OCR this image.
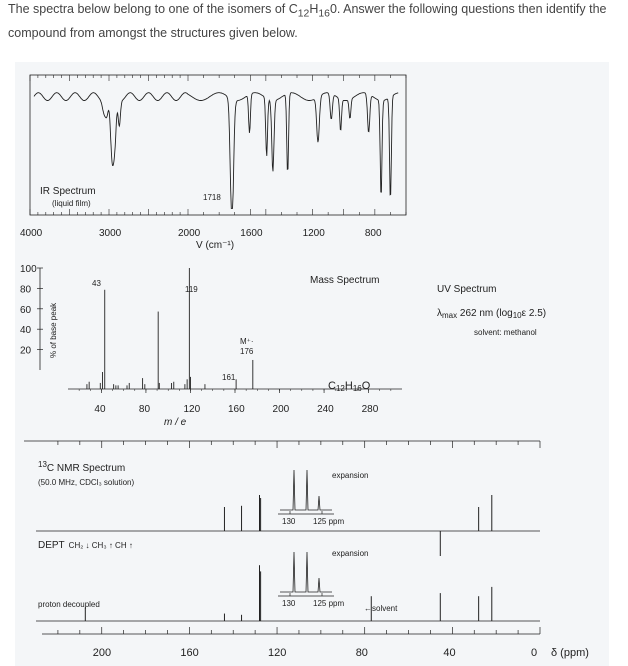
The spectra below belong to one of the isomers of $C_{12}H_{16}0$. Answer the following questions then identify the compound from amongst the structures given below.
IR Spectrum
(liquid film)
1718
4000	3000	2000	1600	1200	800
V (cm⁻¹)
100
80
60
40
20
40	80	120	160	200	240	280
% of base peak
Mass Spectrum
43
119
161
M⁺·
176
C12H16O
m / e
UV Spectrum
$\lambda_{max}$ 262 nm ($\log_{10}\varepsilon$ 2.5)
solvent: methanol
130 125 ppm
expansion
130 125 ppm
expansion
$^{13}$C NMR Spectrum
(50.0 MHz, CDCl₃ solution)
DEPT CH₂ ↓ CH₃ ↑ CH ↑
proton decoupled	←solvent
200	160	120	80	40	0 δ (ppm)
